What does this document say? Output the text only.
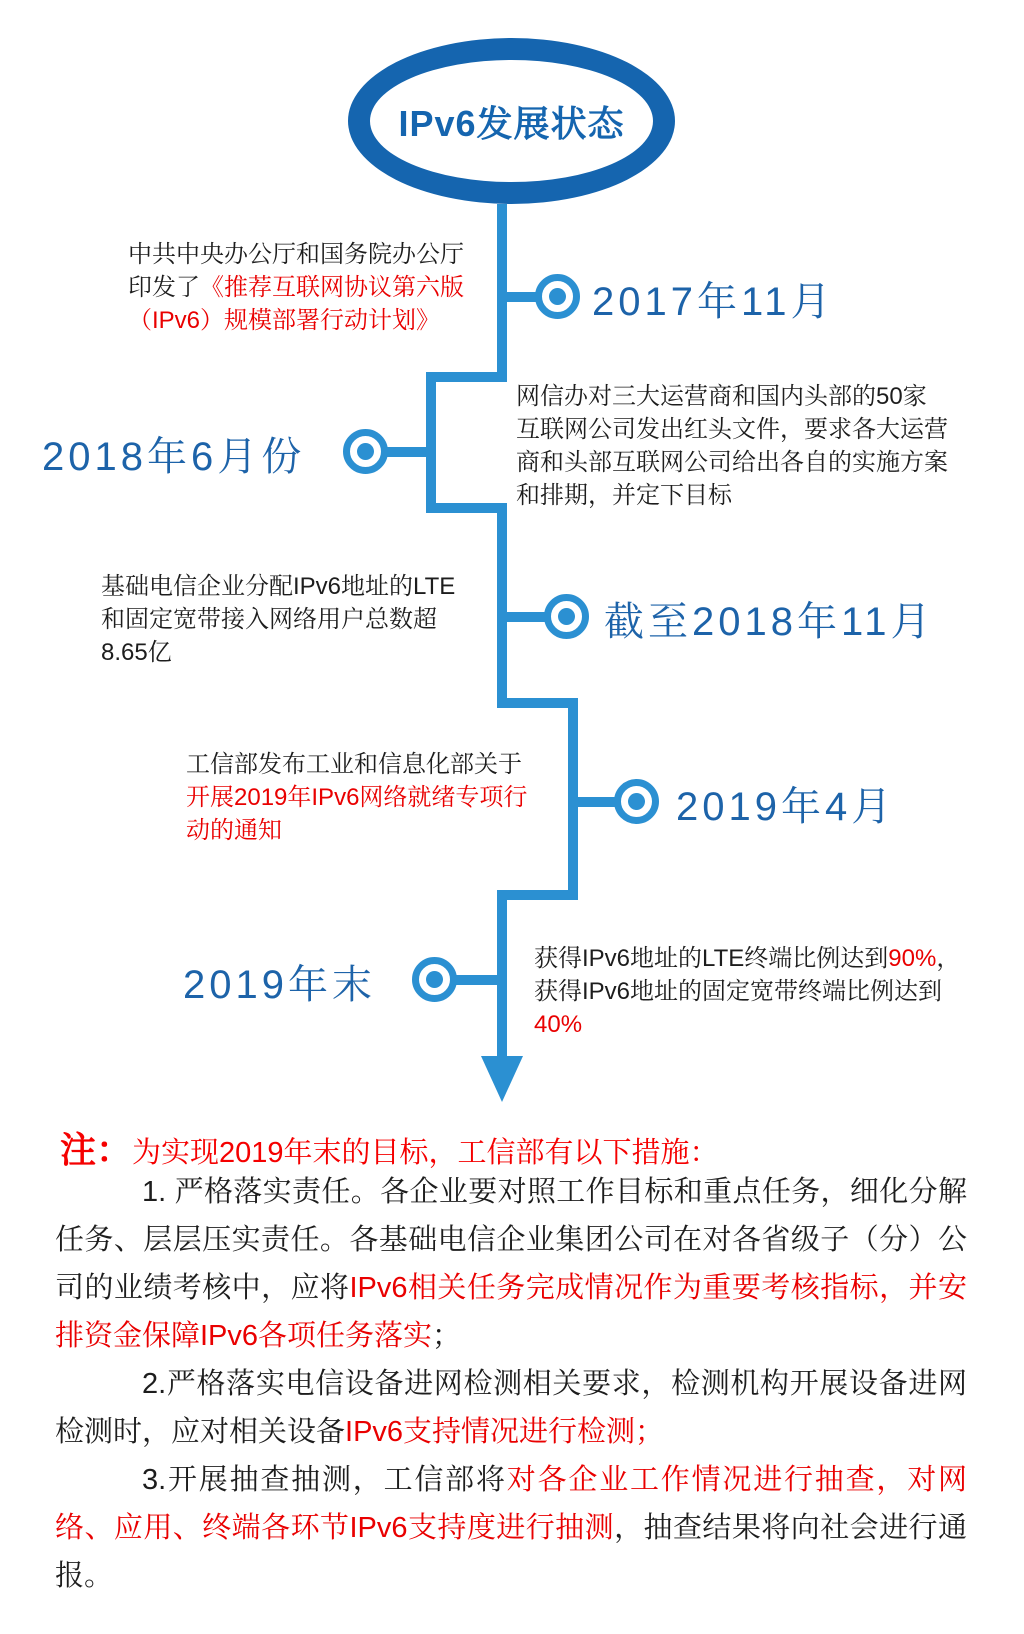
IPv6发展状态
2017年11月
2018年6月份
截至2018年11月
2019年4月
2019年末
中共中央办公厅和国务院办公厅印发了《推荐互联网协议第六版（IPv6）规模部署行动计划》
网信办对三大运营商和国内头部的50家互联网公司发出红头文件，要求各大运营商和头部互联网公司给出各自的实施方案和排期，并定下目标
基础电信企业分配IPv6地址的LTE和固定宽带接入网络用户总数超8.65亿
工信部发布工业和信息化部关于开展2019年IPv6网络就绪专项行动的通知
获得IPv6地址的LTE终端比例达到90%，获得IPv6地址的固定宽带终端比例达到40%
注：为实现2019年末的目标，工信部有以下措施：

1. 严格落实责任。各企业要对照工作目标和重点任务，细化分解任务、层层压实责任。各基础电信企业集团公司在对各省级子（分）公司的业绩考核中，应将IPv6相关任务完成情况作为重要考核指标，并安排资金保障IPv6各项任务落实；

2.严格落实电信设备进网检测相关要求，检测机构开展设备进网检测时，应对相关设备IPv6支持情况进行检测；

3.开展抽查抽测，工信部将对各企业工作情况进行抽查，对网络、应用、终端各环节IPv6支持度进行抽测，抽查结果将向社会进行通报。
